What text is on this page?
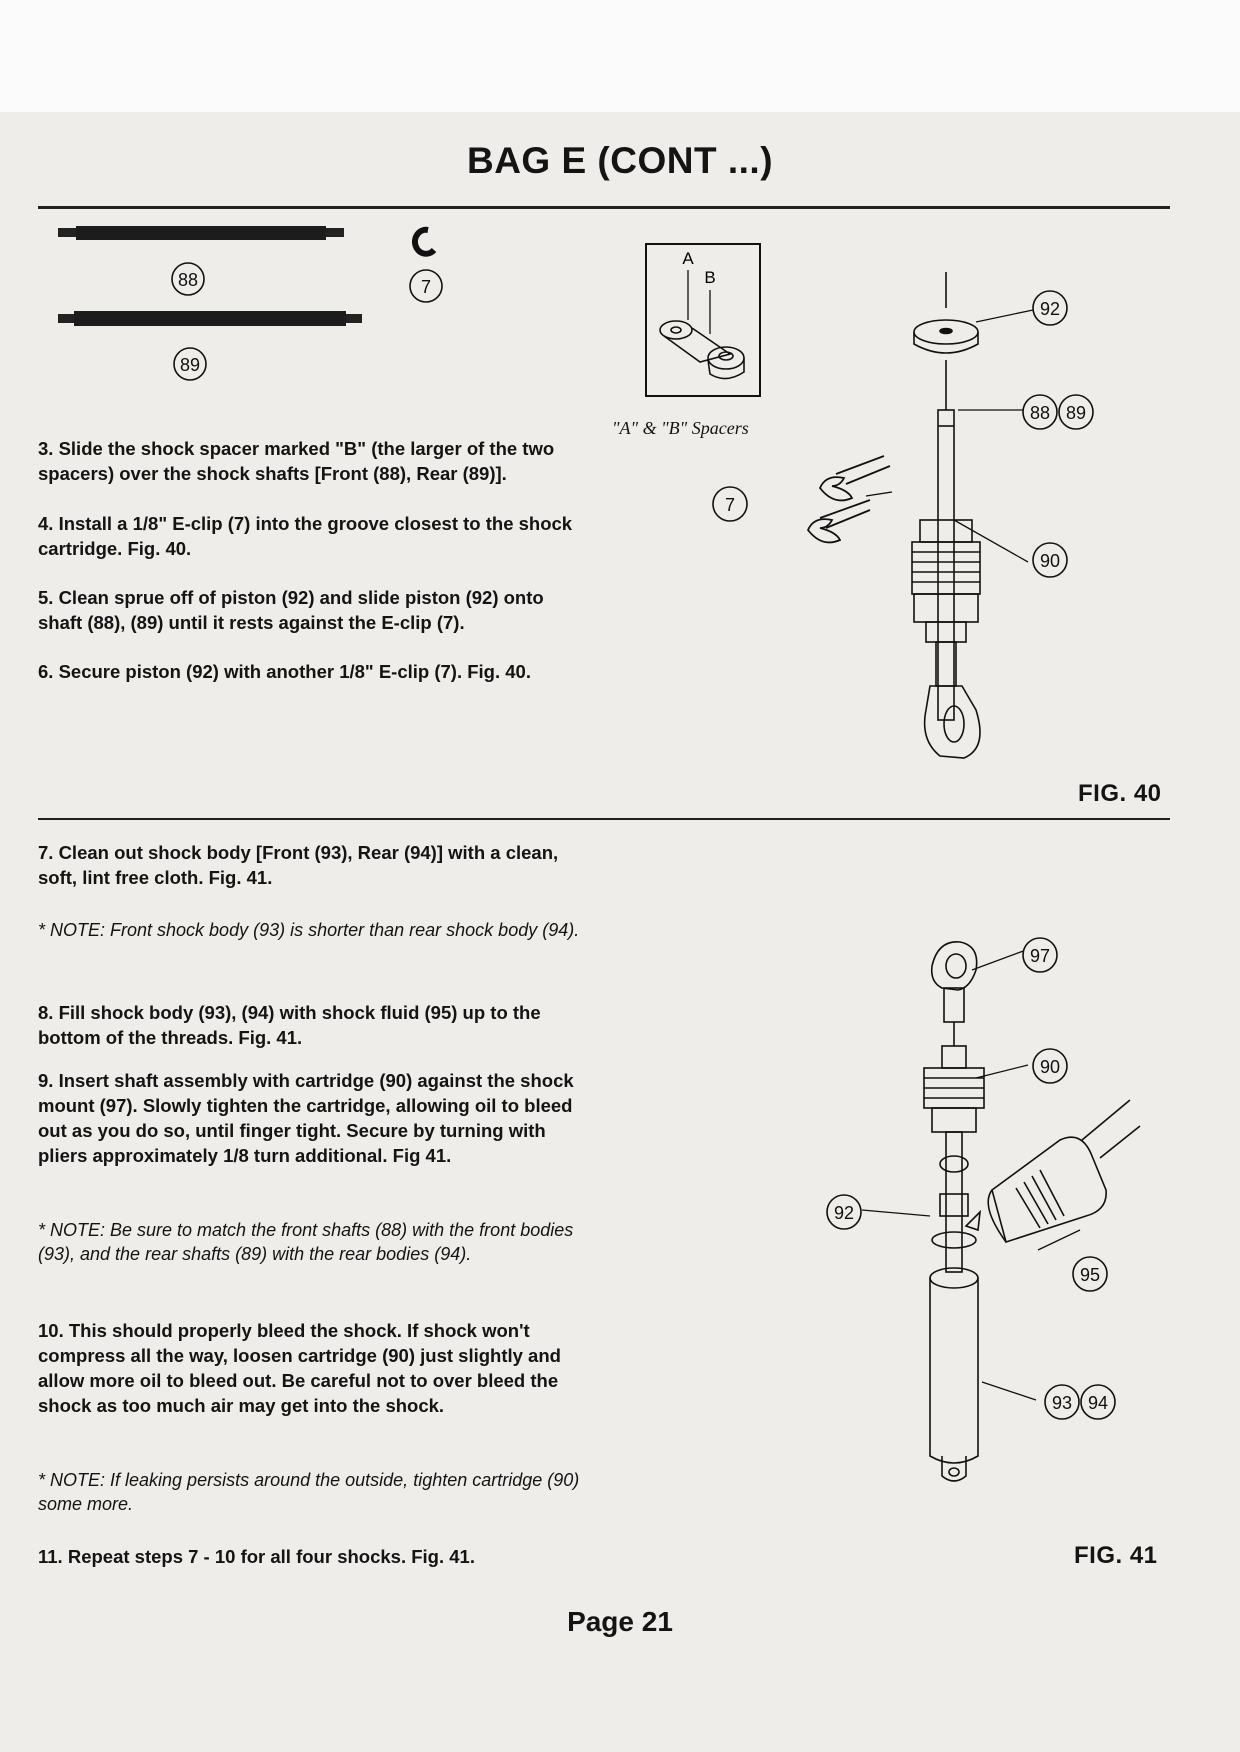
BAG E (CONT ...)
88	7
89
3. Slide the shock spacer marked "B" (the larger of the two spacers) over the shock shafts [Front (88), Rear (89)].
4. Install a 1/8" E-clip (7) into the groove closest to the shock cartridge. Fig. 40.
5. Clean sprue off of piston (92) and slide piston (92) onto shaft (88), (89) until it rests against the E-clip (7).
6. Secure piston (92) with another 1/8" E-clip (7). Fig. 40.
A
B
"A" & "B" Spacers
92
88 89
7
90
FIG. 40
7. Clean out shock body [Front (93), Rear (94)] with a clean, soft, lint free cloth. Fig. 41.
* NOTE: Front shock body (93) is shorter than rear shock body (94).
8. Fill shock body (93), (94) with shock fluid (95) up to the bottom of the threads. Fig. 41.
9. Insert shaft assembly with cartridge (90) against the shock mount (97). Slowly tighten the cartridge, allowing oil to bleed out as you do so, until finger tight. Secure by turning with pliers approximately 1/8 turn additional. Fig 41.
* NOTE: Be sure to match the front shafts (88) with the front bodies (93), and the rear shafts (89) with the rear bodies (94).
10. This should properly bleed the shock. If shock won't compress all the way, loosen cartridge (90) just slightly and allow more oil to bleed out. Be careful not to over bleed the shock as too much air may get into the shock.
* NOTE: If leaking persists around the outside, tighten cartridge (90) some more.
11. Repeat steps 7 - 10 for all four shocks. Fig. 41.
97
90
92
95
93 94
FIG. 41
Page 21
